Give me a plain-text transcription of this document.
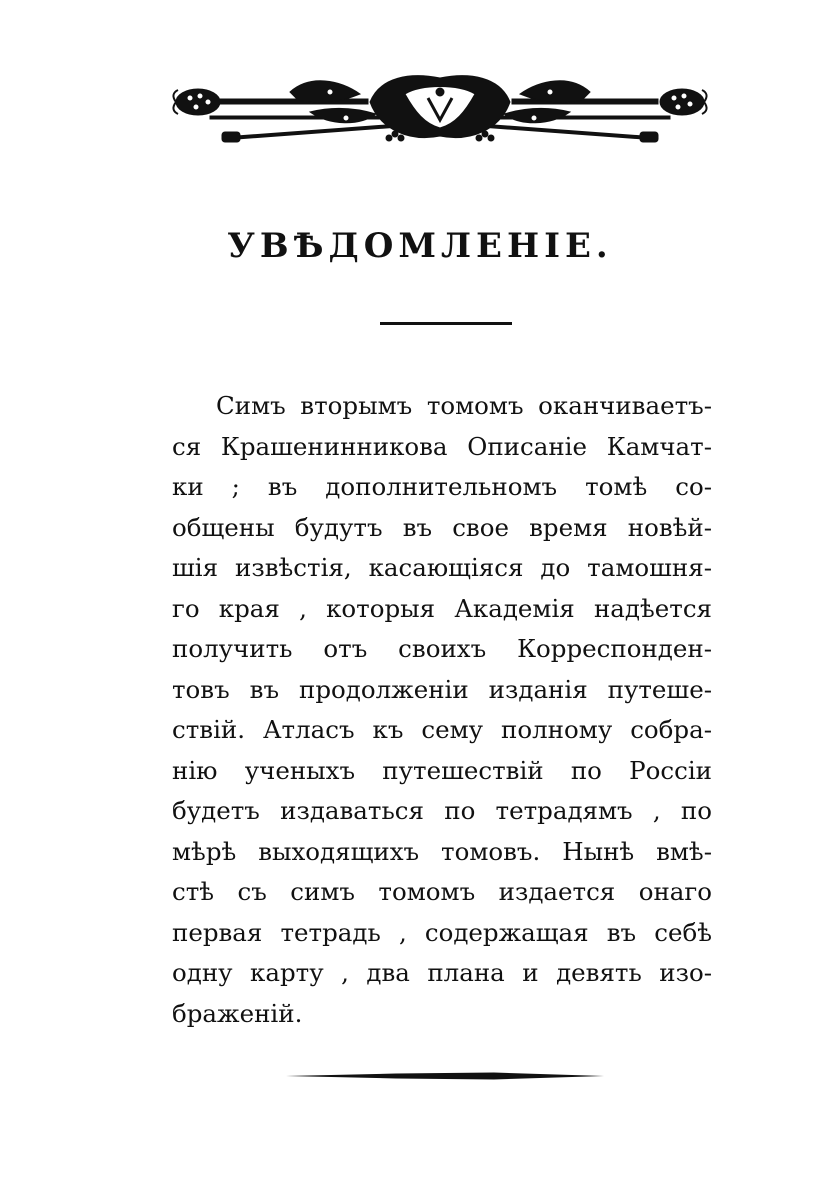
УВѢДОМЛЕНІЕ.
Симъ вторымъ томомъ оканчиваетъ-
ся Крашенинникова Описаніе Камчат-
ки ; въ дополнительномъ томѣ со-
общены будутъ въ свое время новѣй-
шія извѣстія, касающіяся до тамошня-
го края , которыя Академія надѣется
получить отъ своихъ Корреспонден-
товъ въ продолженіи изданія путеше-
ствій. Атласъ къ сему полному собра-
нію ученыхъ путешествій по Россіи
будетъ издаваться по тетрадямъ , по
мѣрѣ выходящихъ томовъ. Нынѣ вмѣ-
стѣ съ симъ томомъ издается онаго
первая тетрадь , содержащая въ себѣ
одну карту , два плана и девять изо-
браженій.
